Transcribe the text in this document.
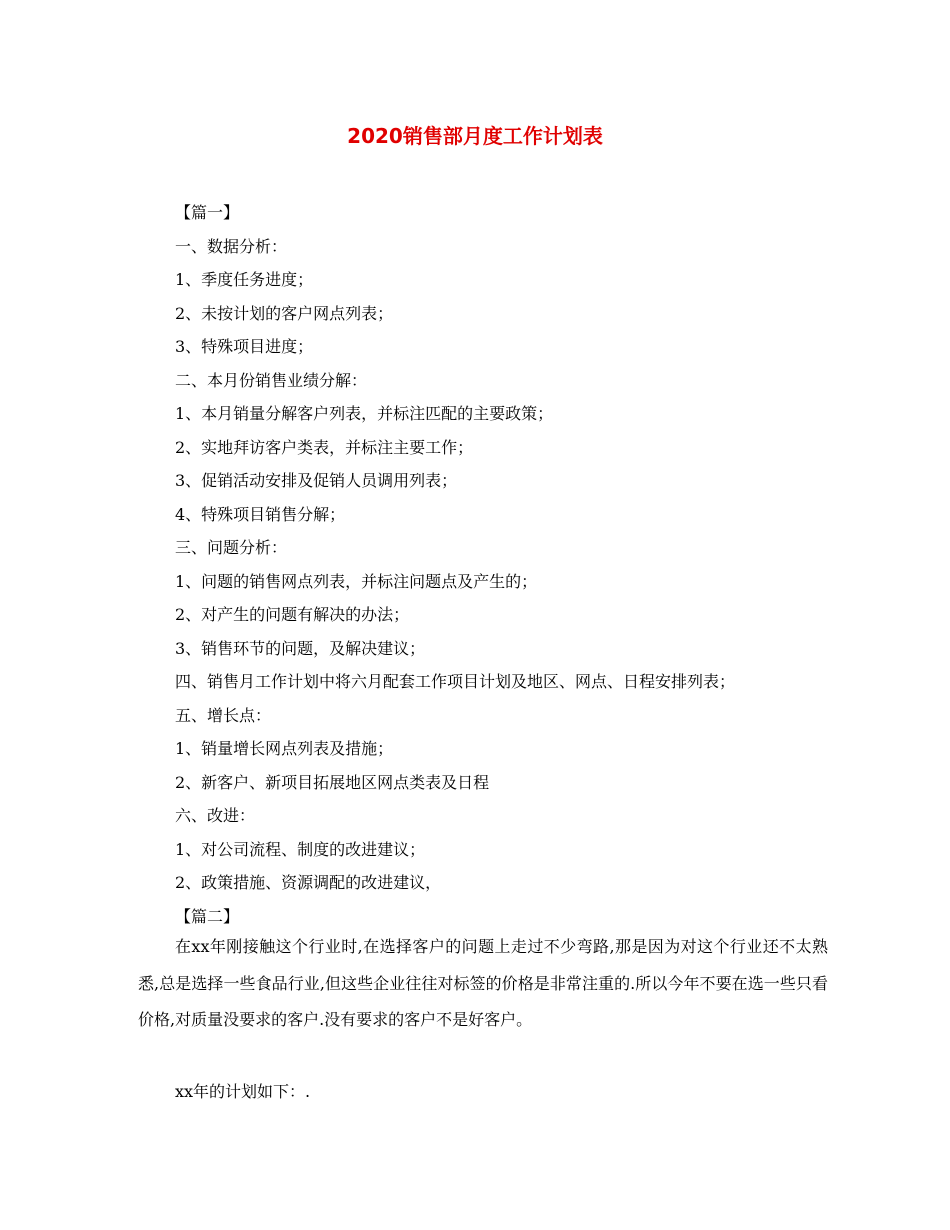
2020销售部月度工作计划表
【篇一】
一、数据分析：
1、季度任务进度；
2、未按计划的客户网点列表；
3、特殊项目进度；
二、本月份销售业绩分解：
1、本月销量分解客户列表，并标注匹配的主要政策；
2、实地拜访客户类表，并标注主要工作；
3、促销活动安排及促销人员调用列表；
4、特殊项目销售分解；
三、问题分析：
1、问题的销售网点列表，并标注问题点及产生的；
2、对产生的问题有解决的办法；
3、销售环节的问题，及解决建议；
四、销售月工作计划中将六月配套工作项目计划及地区、网点、日程安排列表；
五、增长点：
1、销量增长网点列表及措施；
2、新客户、新项目拓展地区网点类表及日程
六、改进：
1、对公司流程、制度的改进建议；
2、政策措施、资源调配的改进建议，
【篇二】
在xx年刚接触这个行业时,在选择客户的问题上走过不少弯路,那是因为对这个行业还不太熟悉,总是选择一些食品行业,但这些企业往往对标签的价格是非常注重的.所以今年不要在选一些只看价格,对质量没要求的客户.没有要求的客户不是好客户。
xx年的计划如下：.
